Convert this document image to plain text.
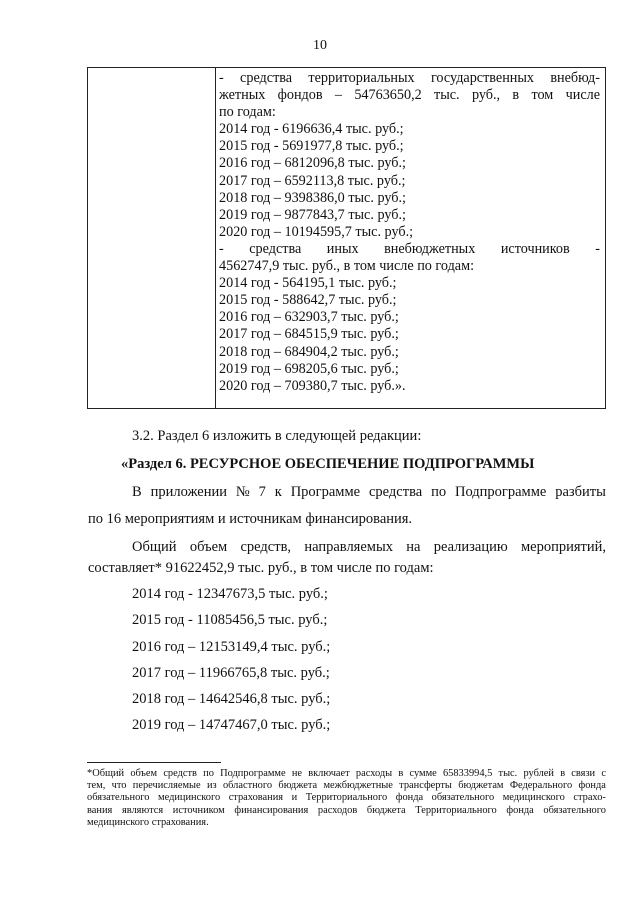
10
- средства территориальных государственных внебюд-
жетных фондов – 54763650,2 тыс. руб., в том числе
по годам:
2014 год - 6196636,4 тыс. руб.;
2015 год - 5691977,8 тыс. руб.;
2016 год – 6812096,8 тыс. руб.;
2017 год – 6592113,8 тыс. руб.;
2018 год – 9398386,0 тыс. руб.;
2019 год – 9877843,7 тыс. руб.;
2020 год – 10194595,7 тыс. руб.;
- средства иных внебюджетных источников -
4562747,9 тыс. руб., в том числе по годам:
2014 год - 564195,1 тыс. руб.;
2015 год - 588642,7 тыс. руб.;
2016 год – 632903,7 тыс. руб.;
2017 год – 684515,9 тыс. руб.;
2018 год – 684904,2 тыс. руб.;
2019 год – 698205,6 тыс. руб.;
2020 год – 709380,7 тыс. руб.».
3.2. Раздел 6 изложить в следующей редакции:
«Раздел 6. РЕСУРСНОЕ ОБЕСПЕЧЕНИЕ ПОДПРОГРАММЫ
В приложении № 7 к Программе средства по Подпрограмме разбиты
по 16 мероприятиям и источникам финансирования.
Общий объем средств, направляемых на реализацию мероприятий,
составляет* 91622452,9 тыс. руб., в том числе по годам:
2014 год - 12347673,5 тыс. руб.;
2015 год - 11085456,5 тыс. руб.;
2016 год – 12153149,4 тыс. руб.;
2017 год – 11966765,8 тыс. руб.;
2018 год – 14642546,8 тыс. руб.;
2019 год – 14747467,0 тыс. руб.;
*Общий объем средств по Подпрограмме не включает расходы в сумме 65833994,5 тыс. рублей в связи с
тем, что перечисляемые из областного бюджета межбюджетные трансферты бюджетам Федерального фонда
обязательного медицинского страхования и Территориального фонда обязательного медицинского страхо-
вания являются источником финансирования расходов бюджета Территориального фонда обязательного
медицинского страхования.
